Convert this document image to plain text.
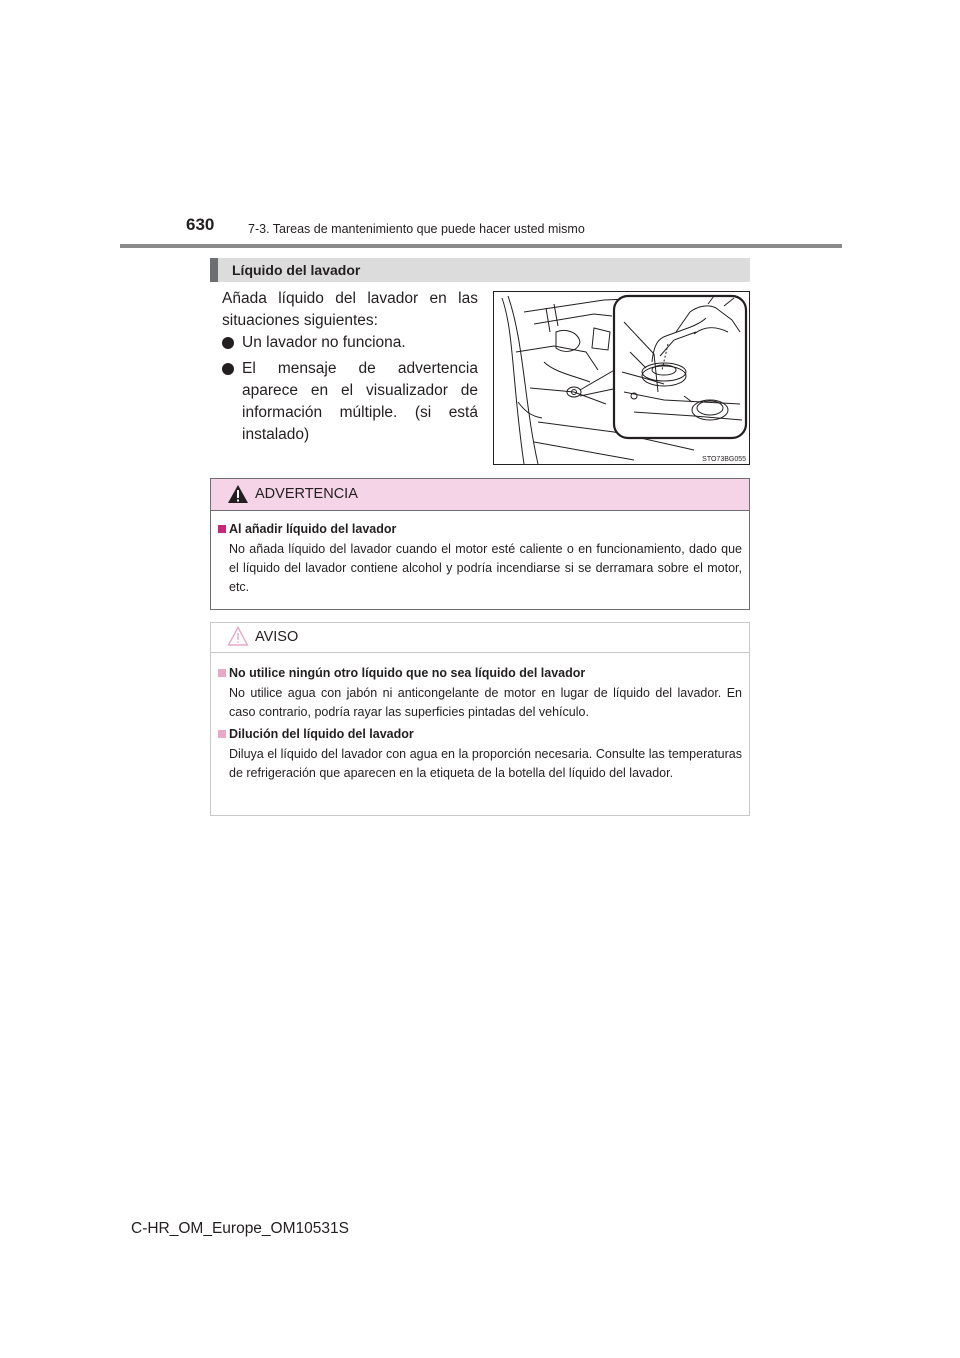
630	7-3. Tareas de mantenimiento que puede hacer usted mismo
Líquido del lavador
Añada líquido del lavador en las situaciones siguientes:
Un lavador no funciona.
El mensaje de advertencia aparece en el visualizador de información múltiple. (si está instalado)
STO73BG055
ADVERTENCIA
Al añadir líquido del lavador
No añada líquido del lavador cuando el motor esté caliente o en funcionamiento, dado que el líquido del lavador contiene alcohol y podría incendiarse si se derramara sobre el motor, etc.
AVISO
No utilice ningún otro líquido que no sea líquido del lavador
No utilice agua con jabón ni anticongelante de motor en lugar de líquido del lavador. En caso contrario, podría rayar las superficies pintadas del vehículo.
Dilución del líquido del lavador
Diluya el líquido del lavador con agua en la proporción necesaria. Consulte las temperaturas de refrigeración que aparecen en la etiqueta de la botella del líquido del lavador.
C-HR_OM_Europe_OM10531S
